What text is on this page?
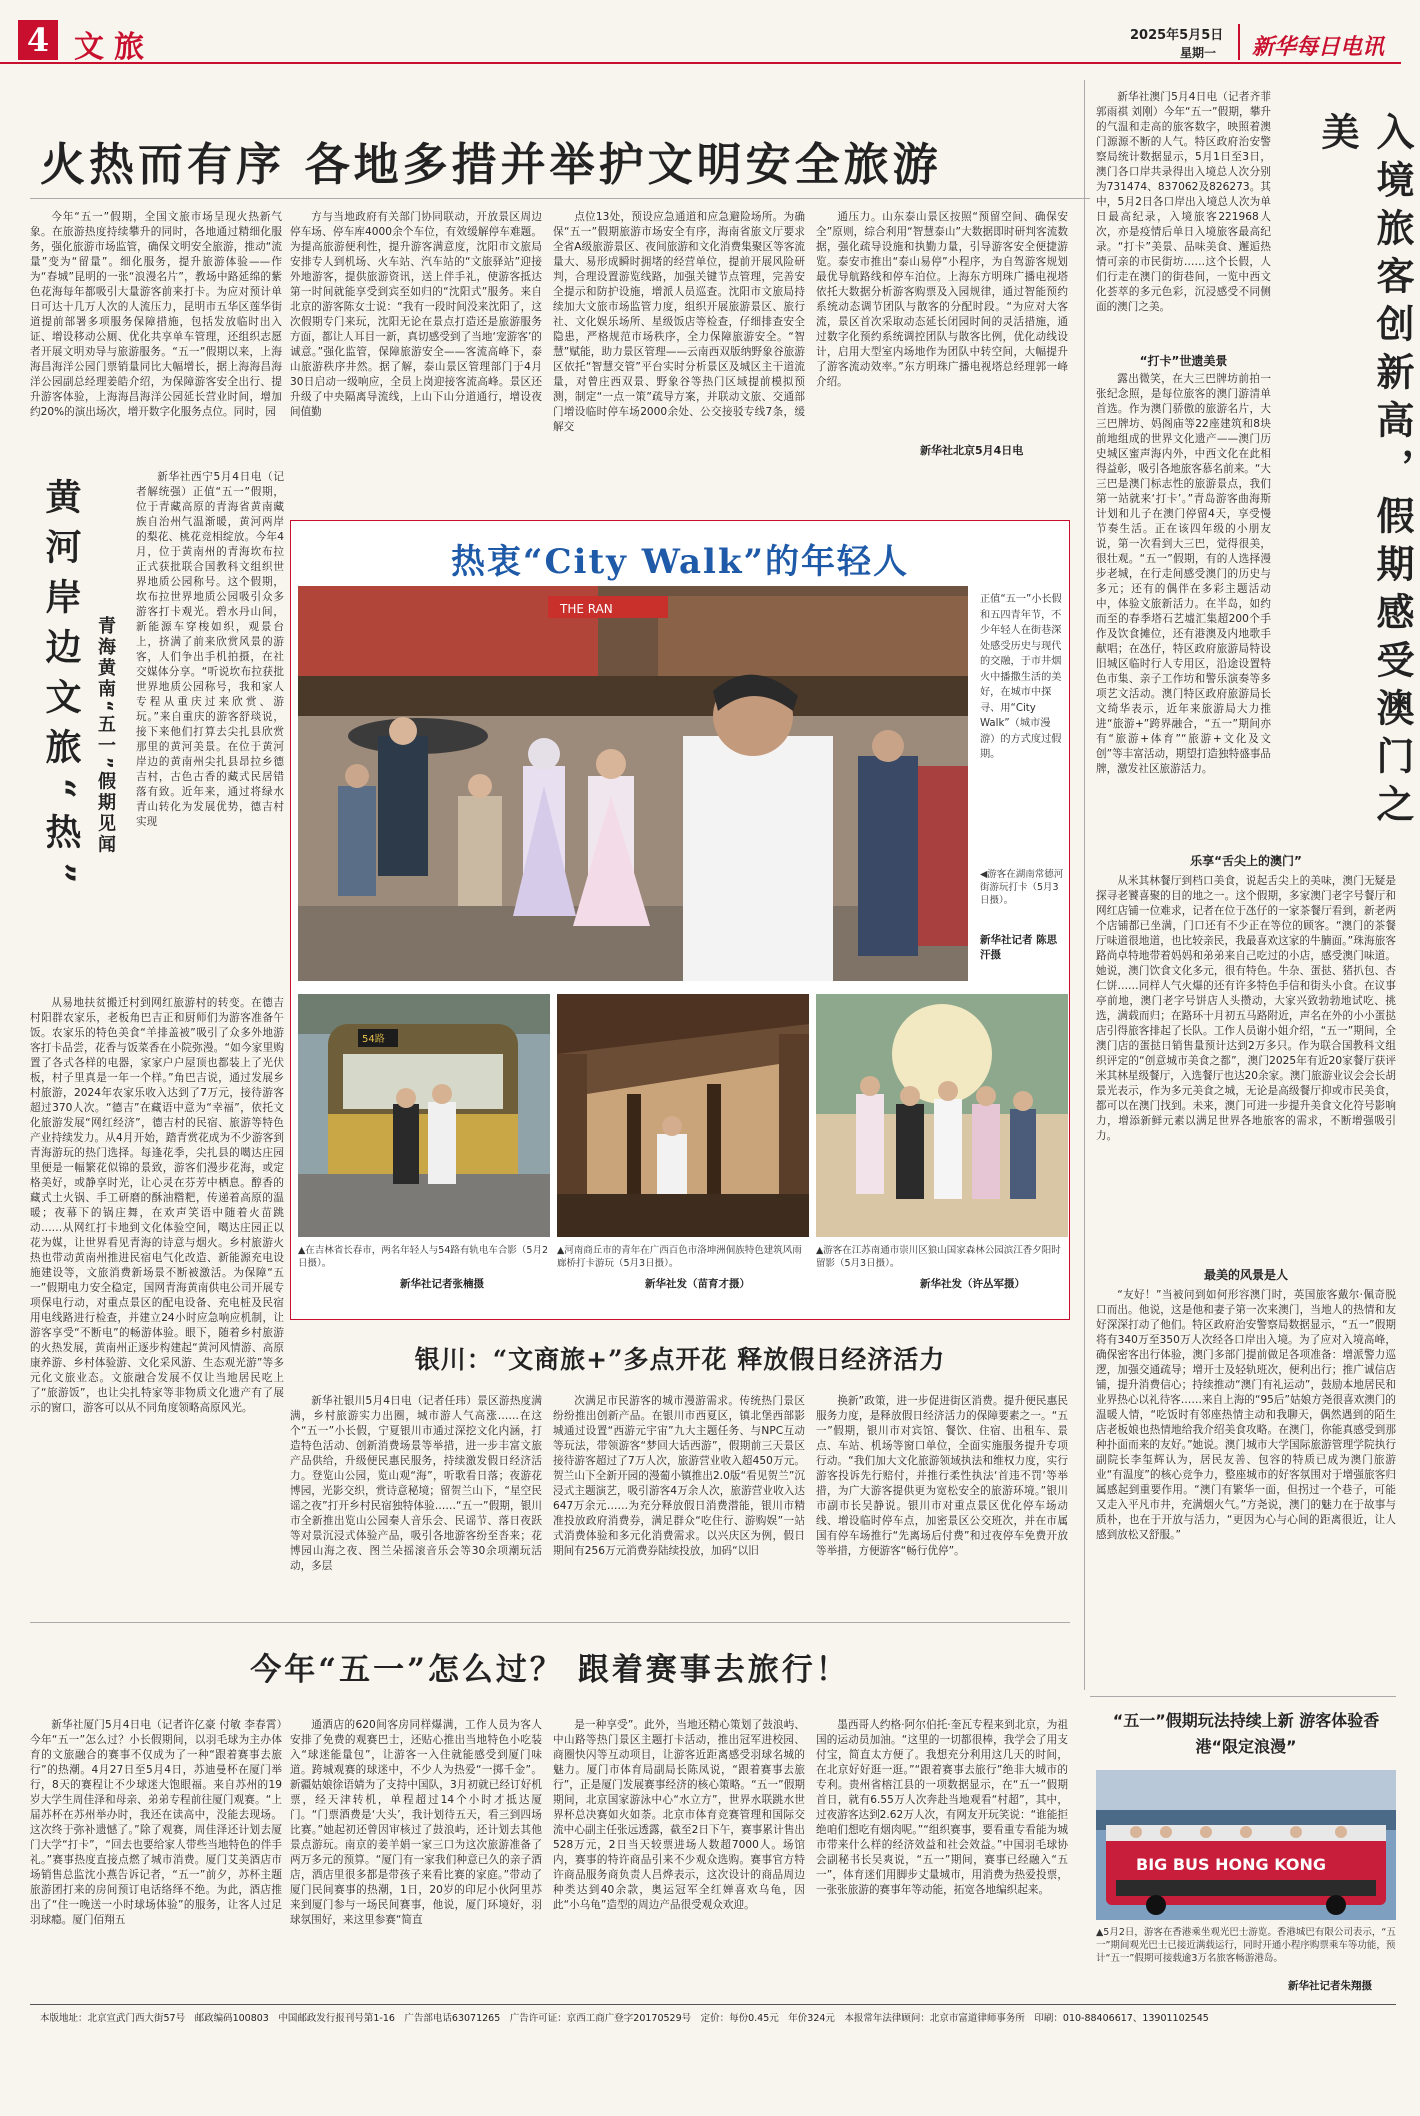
4 文旅	2025年5月5日
星期一 新华每日电讯
火热而有序 各地多措并举护文明安全旅游
今年“五一”假期，全国文旅市场呈现火热新气象。在旅游热度持续攀升的同时，各地通过精细化服务，强化旅游市场监管，确保文明安全旅游，推动“流量”变为“留量”。细化服务，提升旅游体验——作为“春城”昆明的一张“浪漫名片”，教场中路延绵的紫色花海每年都吸引大量游客前来打卡。为应对预计单日可达十几万人次的人流压力，昆明市五华区莲华街道提前部署多项服务保障措施，包括发放临时出入证、增设移动公厕、优化共享单车管理，还组织志愿者开展文明劝导与旅游服务。“五一”假期以来，上海海昌海洋公园门票销量同比大幅增长，据上海海昌海洋公园副总经理姜皓介绍，为保障游客安全出行、提升游客体验，上海海昌海洋公园延长营业时间，增加约20%的演出场次，增开数字化服务点位。同时，园
方与当地政府有关部门协同联动，开放景区周边停车场、停车库4000余个车位，有效缓解停车难题。为提高旅游便利性，提升游客满意度，沈阳市文旅局安排专人到机场、火车站、汽车站的“文旅驿站”迎接外地游客，提供旅游资讯，送上伴手礼，使游客抵达第一时间就能享受到宾至如归的“沈阳式”服务。来自北京的游客陈女士说：“我有一段时间没来沈阳了，这次假期专门来玩，沈阳无论在景点打造还是旅游服务方面，都让人耳目一新，真切感受到了当地‘宠游客’的诚意。”强化监管，保障旅游安全——客流高峰下，泰山旅游秩序井然。据了解，泰山景区管理部门于4月30日启动一级响应，全员上岗迎接客流高峰。景区还升级了中央隔离导流线，上山下山分道通行，增设夜间值勤
点位13处，预设应急通道和应急避险场所。为确保“五一”假期旅游市场安全有序，海南省旅文厅要求全省A级旅游景区、夜间旅游和文化消费集聚区等客流量大、易形成瞬时拥堵的经营单位，提前开展风险研判，合理设置游览线路，加强关键节点管理，完善安全提示和防护设施，增派人员巡查。沈阳市文旅局持续加大文旅市场监管力度，组织开展旅游景区、旅行社、文化娱乐场所、星级饭店等检查，仔细排查安全隐患，严格规范市场秩序，全力保障旅游安全。“智慧”赋能，助力景区管理——云南西双版纳野象谷旅游区依托“智慧交管”平台实时分析景区及城区主干道流量，对曾庄西双景、野象谷等热门区域提前模拟预测，制定“一点一策”疏导方案，并联动文旅、交通部门增设临时停车场2000余处、公交接驳专线7条，缓解交
通压力。山东泰山景区按照“预留空间、确保安全”原则，综合利用“智慧泰山”大数据即时研判客流数据，强化疏导设施和执勤力量，引导游客安全便捷游览。泰安市推出“泰山易停”小程序，为自驾游客规划最优导航路线和停车泊位。上海东方明珠广播电视塔依托大数据分析游客购票及入园规律，通过智能预约系统动态调节团队与散客的分配时段。“为应对大客流，景区首次采取动态延长闭园时间的灵活措施，通过数字化预约系统调控团队与散客比例，优化动线设计，启用大型室内场地作为团队中转空间，大幅提升了游客流动效率。”东方明珠广播电视塔总经理郭一峰介绍。
新华社北京5月4日电
黄河岸边文旅“热” 青海黄南“五一”假期见闻
新华社西宁5月4日电（记者解统强）正值“五一”假期，位于青藏高原的青海省黄南藏族自治州气温渐暖，黄河两岸的梨花、桃花竞相绽放。今年4月，位于黄南州的青海坎布拉正式获批联合国教科文组织世界地质公园称号。这个假期，坎布拉世界地质公园吸引众多游客打卡观光。碧水丹山间，新能源车穿梭如织，观景台上，挤满了前来欣赏风景的游客，人们争出手机拍摄，在社交媒体分享。“听说坎布拉获批世界地质公园称号，我和家人专程从重庆过来欣赏、游玩。”来自重庆的游客舒琰说，接下来他们打算去尖扎县欣赏那里的黄河美景。在位于黄河岸边的黄南州尖扎县昂拉乡德吉村，古色古香的藏式民居错落有致。近年来，通过将绿水青山转化为发展优势，德吉村实现
从易地扶贫搬迁村到网红旅游村的转变。在德吉村阳群农家乐，老板角巴吉正和厨师们为游客准备午饭。农家乐的特色美食“羊排盖被”吸引了众多外地游客打卡品尝，花香与饭菜香在小院弥漫。“如今家里购置了各式各样的电器，家家户户屋顶也都装上了光伏板，村子里真是一年一个样。”角巴吉说，通过发展乡村旅游，2024年农家乐收入达到了7万元，接待游客超过370人次。“德吉”在藏语中意为“幸福”，依托文化旅游发展“网红经济”，德吉村的民宿、旅游等特色产业持续发力。从4月开始，踏青赏花成为不少游客到青海游玩的热门选择。每逢花季，尖扎县的噶达庄园里便是一幅繁花似锦的景致，游客们漫步花海，或定格美好，或静享时光，让心灵在芬芳中栖息。醇香的藏式土火锅、手工研磨的酥油糌粑，传递着高原的温暖；夜幕下的锅庄舞，在欢声笑语中随着火苗跳动……从网红打卡地到文化体验空间，噶达庄园正以花为媒，让世界看见青海的诗意与烟火。乡村旅游火热也带动黄南州推进民宿电气化改造、新能源充电设施建设等，文旅消费新场景不断被激活。为保障“五一”假期电力安全稳定，国网青海黄南供电公司开展专项保电行动，对重点景区的配电设备、充电桩及民宿用电线路进行检查，并建立24小时应急响应机制，让游客享受“不断电”的畅游体验。眼下，随着乡村旅游的火热发展，黄南州正逐步构建起“黄河风情游、高原康养游、乡村体验游、文化采风游、生态观光游”等多元化文旅业态。文旅融合发展不仅让当地居民吃上了“旅游饭”，也让尖扎特家等非物质文化遗产有了展示的窗口，游客可以从不同角度领略高原风光。
热衷“City Walk”的年轻人
THE RAN
正值“五一”小长假和五四青年节，不少年轻人在街巷深处感受历史与现代的交融，于市井烟火中播撒生活的美好，在城市中探寻、用“City Walk”（城市漫游）的方式度过假期。
◀游客在湖南常德河街游玩打卡（5月3日摄）。
新华社记者 陈思汗摄
54路
▲在吉林省长春市，两名年轻人与54路有轨电车合影（5月2日摄）。
新华社记者张楠摄
▲河南商丘市的青年在广西百色市洛坤洲侗族特色建筑风雨廊桥打卡游玩（5月3日摄）。
新华社发（苗育才摄）
▲游客在江苏南通市崇川区狼山国家森林公园滨江香夕阳时留影（5月3日摄）。
新华社发（许丛军摄）
银川：“文商旅+”多点开花 释放假日经济活力
新华社银川5月4日电（记者任玮）景区游热度满满，乡村旅游实力出圈，城市游人气高涨……在这个“五一”小长假，宁夏银川市通过深挖文化内涵，打造特色活动、创新消费场景等举措，进一步丰富文旅产品供给，升级便民惠民服务，持续激发假日经济活力。登览山公园，览山观“海”，听歌看日落；夜游花博园，光影交织，赏诗意秘境；留贺兰山下，“星空民谣之夜”打开乡村民宿独特体验……“五一”假期，银川市全新推出览山公园秦人音乐会、民谣节、落日夜跃等对景沉浸式体验产品，吸引各地游客纷至沓来；花博园山海之夜、图兰朵摇滚音乐会等30余项潮玩活动，多层
次满足市民游客的城市漫游需求。传统热门景区纷纷推出创新产品。在银川市西夏区，镇北堡西部影城通过设置“西游元宇宙”九大主题任务、与NPC互动等玩法，带领游客“梦回大话西游”，假期前三天景区接待游客超过了7万人次，旅游营业收入超450万元。贺兰山下全新开园的漫葡小镇推出2.0版“看见贺兰”沉浸式主题演艺，吸引游客4万余人次，旅游营业收入达647万余元……为充分释放假日消费潜能，银川市精准投放政府消费券，满足群众“吃住行、游购娱”一站式消费体验和多元化消费需求。以兴庆区为例，假日期间有256万元消费券陆续投放，加码“以旧
换新”政策，进一步促进街区消费。提升便民惠民服务力度，是释放假日经济活力的保障要素之一。“五一”假期，银川市对宾馆、餐饮、住宿、出租车、景点、车站、机场等窗口单位，全面实施服务提升专项行动。“我们加大文化旅游领域执法和维权力度，实行游客投诉先行赔付，并推行柔性执法‘首违不罚’等举措，为广大游客提供更为宽松安全的旅游环境。”银川市副市长吴静说。银川市对重点景区优化停车场动线、增设临时停车点，加密景区公交班次，并在市属国有停车场推行“先离场后付费”和过夜停车免费开放等举措，方便游客“畅行优停”。
今年“五一”怎么过？ 跟着赛事去旅行！
新华社厦门5月4日电（记者许亿豪 付敏 李春霄）今年“五一”怎么过？小长假期间，以羽毛球为主办体育的文旅融合的赛事不仅成为了一种“跟着赛事去旅行”的热潮。4月27日至5月4日，苏迪曼杯在厦门举行，8天的赛程让不少球迷大饱眼福。来自苏州的19岁大学生周佳泽和母亲、弟弟专程前往厦门观赛。“上届苏杯在苏州举办时，我还在读高中，没能去现场。这次终于弥补遗憾了。”除了观赛，周佳泽还计划去厦门大学“打卡”，“回去也要给家人带些当地特色的伴手礼。”赛事热度直接点燃了城市消费。厦门艾美酒店市场销售总监沈小燕告诉记者，“五一”前夕，苏杯主题旅游团打来的房间预订电话络绎不绝。为此，酒店推出了“住一晚送一小时球场体验”的服务，让客人过足羽球瘾。厦门佰翔五
通酒店的620间客房同样爆满，工作人员为客人安排了免费的观赛巴士，还贴心推出当地特色小吃装入“球迷能量包”，让游客一入住就能感受到厦门味道。跨城观赛的球迷中，不少人为热爱“一掷千金”。新疆姑娘徐语婧为了支持中国队，3月初就已经订好机票，经天津转机，单程超过14个小时才抵达厦门。“门票酒费是‘大头’，我计划待五天，看三到四场比赛。”她起初还曾因审核过了鼓浪屿，还计划去其他景点游玩。南京的姜羊娟一家三口为这次旅游准备了两万多元的预算。“厦门有一家我们种意已久的亲子酒店，酒店里很多都是带孩子来看比赛的家庭。”带动了厦门民间赛事的热潮，1日，20岁的印尼小伙阿里苏来到厦门参与一场民间赛事，他说，厦门环境好，羽球氛围好，来这里参赛“简直
是一种享受”。此外，当地还精心策划了鼓浪屿、中山路等热门景区主题打卡活动，推出冠军进校园、商圈快闪等互动项目，让游客近距离感受羽球名城的魅力。厦门市体育局副局长陈凤说，“跟着赛事去旅行”，正是厦门发展赛事经济的核心策略。“五一”假期期间，北京国家游泳中心“水立方”，世界水联跳水世界杯总决赛如火如荼。北京市体育竞赛管理和国际交流中心副主任张远透露，截至2日下午，赛事累计售出528万元，2日当天较票进场人数超7000人。场馆内，赛事的特许商品引来不少观众选购。赛事官方特许商品服务商负责人吕烨表示，这次设计的商品周边种类达到40余款，奥运冠军全红婵喜欢乌龟，因此“小乌龟”造型的周边产品很受观众欢迎。
墨西哥人约格·阿尔伯托·奎瓦专程来到北京，为祖国的运动员加油。“这里的一切都很棒，我学会了用支付宝，简直太方便了。我想充分利用这几天的时间，在北京好好逛一逛。”“跟着赛事去旅行”绝非大城市的专利。贵州省榕江县的一项数据显示，在“五一”假期首日，就有6.55万人次奔赴当地观看“村超”，其中，过夜游客达到2.62万人次，有网友开玩笑说：“谁能拒绝咱们想吃有烟肉呢。”“组织赛事，要看重专看能为城市带来什么样的经济效益和社会效益。”中国羽毛球协会副秘书长吴爽说，“五一”期间，赛事已经融入“五一”，体育迷们用脚步丈量城市，用消费为热爱投票，一张张旅游的赛事年等动能，拓宽各地编织起来。
新华社澳门5月4日电（记者齐菲 郭雨祺 刘刚）今年“五一”假期，攀升的气温和走高的旅客数字，映照着澳门源源不断的人气。特区政府治安警察局统计数据显示，5月1日至3日，澳门各口岸共录得出入境总人次分别为731474、837062及826273。其中，5月2日各口岸出入境总人次为单日最高纪录，入境旅客221968人次，亦是疫情后单日入境旅客最高纪录。“打卡”美景、品味美食、邂逅热情可亲的市民街坊……这个长假，人们行走在澳门的街巷间，一览中西文化荟萃的多元色彩，沉浸感受不同侧面的澳门之美。	入境旅客创新高，假期感受澳门之美
“打卡”世遗美景
露出微笑，在大三巴牌坊前拍一张纪念照，是每位旅客的澳门游清单首选。作为澳门骄傲的旅游名片，大三巴牌坊、妈阁庙等22座建筑和8块前地组成的世界文化遗产——澳门历史城区蜜声海内外，中西文化在此相得益彰，吸引各地旅客慕名前来。“大三巴是澳门标志性的旅游景点，我们第一站就来‘打卡’。”青岛游客曲海斯计划和儿子在澳门停留4天，享受慢节奏生活。正在该四年级的小朋友说，第一次看到大三巴，觉得很美，很壮观。“五一”假期，有的人选择漫步老城，在行走间感受澳门的历史与多元；还有的偶伴在多彩主题活动中，体验文旅新活力。在半岛，如约而至的春季塔石艺墟汇集超200个手作及饮食摊位，还有港澳及内地歌手献唱；在氹仔，特区政府旅游局特设旧城区临时行人专用区，沿途设置特色市集、亲子工作坊和警乐演奏等多项艺文活动。澳门特区政府旅游局长文绮华表示，近年来旅游局大力推进“旅游+”跨界融合，“五一”期间亦有“旅游+体育”“旅游+文化及文创”等丰富活动，期望打造独特盛事品牌，激发社区旅游活力。
乐享“舌尖上的澳门”
从米其林餐厅到档口美食，说起舌尖上的美味，澳门无疑是探寻老饕喜聚的目的地之一。这个假期，多家澳门老字号餐厅和网红店铺一位难求，记者在位于氹仔的一家茶餐厅看到，新老两个店铺都已坐满，门口还有不少正在等位的顾客。“澳门的茶餐厅味道很地道，也比较亲民，我最喜欢这家的牛腩面。”珠海旅客路尚卓特地带着妈妈和弟弟来自己吃过的小店，感受澳门味道。她说，澳门饮食文化多元，很有特色。牛杂、蛋挞、猪扒包、杏仁饼……同样人气火爆的还有许多特色手信和街头小食。在议事亭前地，澳门老字号饼店人头攒动，大家兴致勃勃地试吃、挑选，满载而归；在路环十月初五马路附近，声名在外的小小蛋挞店引得旅客排起了长队。工作人员谢小姐介绍，“五一”期间，全澳门店的蛋挞日销售量预计达到2万多只。作为联合国教科文组织评定的“创意城市美食之都”，澳门2025年有近20家餐厅获评米其林星级餐厅，入选餐厅也达20余家。澳门旅游业议会会长胡景光表示，作为多元美食之城，无论是高级餐厅抑或市民美食，都可以在澳门找到。未来，澳门可进一步提升美食文化符号影响力，增添新鲜元素以满足世界各地旅客的需求，不断增强吸引力。
最美的风景是人
“友好！”当被问到如何形容澳门时，英国旅客戴尔·佩奇脱口而出。他说，这是他和妻子第一次来澳门，当地人的热情和友好深深打动了他们。特区政府治安警察局数据显示，“五一”假期将有340万至350万人次经各口岸出入境。为了应对入境高峰，确保密客出行体验，澳门多部门提前做足各项准备：增派警力巡逻，加强交通疏导；增开士及轻轨班次，便利出行；推广诚信店铺，提升消费信心；持续推动“澳门有礼运动”，鼓励本地居民和业界热心以礼待客……来自上海的“95后”姑娘方尧很喜欢澳门的温暖人情，“吃饭时有邻座热情主动和我聊天，偶然遇到的陌生店老板娘也热情地给我介绍美食攻略。在澳门，你能真感受到那种扑面而来的友好。”她说。澳门城市大学国际旅游管理学院执行副院长李玺辉认为，居民友善、包容的特质已成为澳门旅游业“有温度”的核心竞争力，整座城市的好客氛围对于增强旅客归属感起到重要作用。“澳门有繁华一面，但拐过一个巷子，可能又走入平凡市井，充满烟火气。”方尧说，澳门的魅力在于故事与质朴，也在于开放与活力，“更因为心与心间的距离很近，让人感到放松又舒服。”
“五一”假期玩法持续上新 游客体验香港“限定浪漫”
BIG BUS HONG KONG
▲5月2日，游客在香港乘坐观光巴士游览。香港城巴有限公司表示，“五一”期间观光巴士已接近满载运行，同时开通小程序购票乘车等功能，预计“五一”假期可接载逾3万名旅客畅游港岛。
新华社记者朱翔摄
本版地址：北京宣武门西大街57号　邮政编码100803　中国邮政发行报刊号第1-16　广告部电话63071265　广告许可证：京西工商广登字20170529号　定价：每份0.45元　年价324元　本报常年法律顾问：北京市富道律师事务所　印刷：010-88406617、13901102545
